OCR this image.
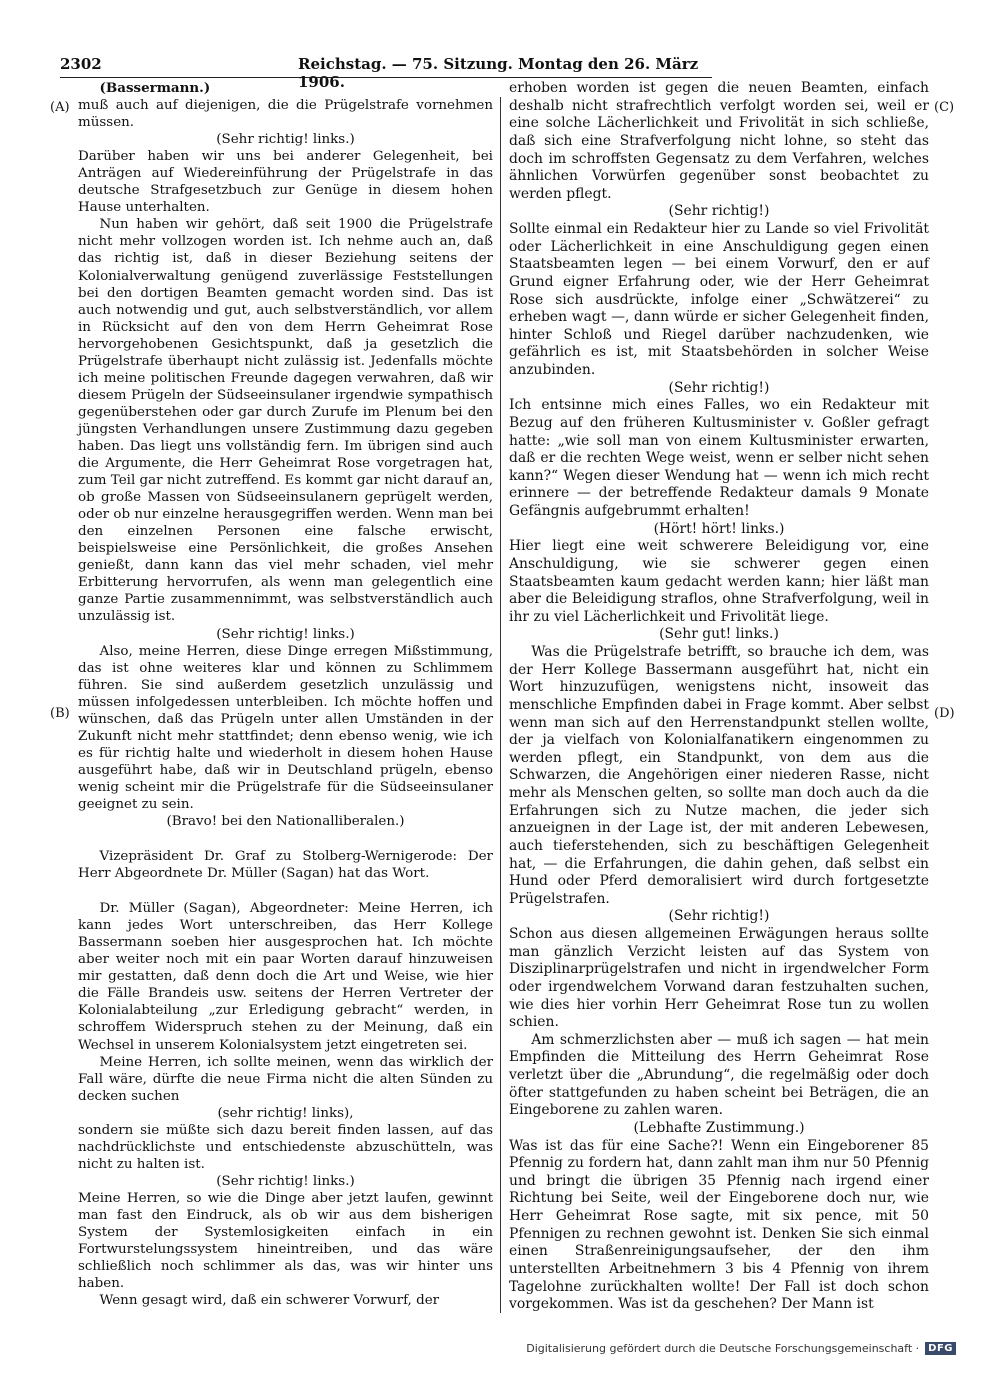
2302	Reichstag. — 75. Sitzung. Montag den 26. März 1906.
(A)
(B)
(C)
(D)

(Bassermann.)

muß auch auf diejenigen, die die Prügelstrafe vornehmen müssen.

(Sehr richtig! links.)

Darüber haben wir uns bei anderer Gelegenheit, bei Anträgen auf Wiedereinführung der Prügelstrafe in das deutsche Strafgesetzbuch zur Genüge in diesem hohen Hause unterhalten.

Nun haben wir gehört, daß seit 1900 die Prügelstrafe nicht mehr vollzogen worden ist. Ich nehme auch an, daß das richtig ist, daß in dieser Beziehung seitens der Kolonialverwaltung genügend zuverlässige Feststellungen bei den dortigen Beamten gemacht worden sind. Das ist auch notwendig und gut, auch selbstverständlich, vor allem in Rücksicht auf den von dem Herrn Geheimrat Rose hervorgehobenen Gesichtspunkt, daß ja gesetzlich die Prügelstrafe überhaupt nicht zulässig ist. Jedenfalls möchte ich meine politischen Freunde dagegen verwahren, daß wir diesem Prügeln der Südseeinsulaner irgendwie sympathisch gegenüberstehen oder gar durch Zurufe im Plenum bei den jüngsten Verhandlungen unsere Zustimmung dazu gegeben haben. Das liegt uns vollständig fern. Im übrigen sind auch die Argumente, die Herr Geheimrat Rose vorgetragen hat, zum Teil gar nicht zutreffend. Es kommt gar nicht darauf an, ob große Massen von Südseeinsulanern geprügelt werden, oder ob nur einzelne herausgegriffen werden. Wenn man bei den einzelnen Personen eine falsche erwischt, beispielsweise eine Persönlichkeit, die großes Ansehen genießt, dann kann das viel mehr schaden, viel mehr Erbitterung hervorrufen, als wenn man gelegentlich eine ganze Partie zusammennimmt, was selbstverständlich auch unzulässig ist.

(Sehr richtig! links.)

Also, meine Herren, diese Dinge erregen Mißstimmung, das ist ohne weiteres klar und können zu Schlimmem führen. Sie sind außerdem gesetzlich unzulässig und müssen infolgedessen unterbleiben. Ich möchte hoffen und wünschen, daß das Prügeln unter allen Umständen in der Zukunft nicht mehr stattfindet; denn ebenso wenig, wie ich es für richtig halte und wiederholt in diesem hohen Hause ausgeführt habe, daß wir in Deutschland prügeln, ebenso wenig scheint mir die Prügelstrafe für die Südseeinsulaner geeignet zu sein.

(Bravo! bei den Nationalliberalen.)

Vizepräsident Dr. Graf zu Stolberg-Wernigerode: Der Herr Abgeordnete Dr. Müller (Sagan) hat das Wort.

Dr. Müller (Sagan), Abgeordneter: Meine Herren, ich kann jedes Wort unterschreiben, das Herr Kollege Bassermann soeben hier ausgesprochen hat. Ich möchte aber weiter noch mit ein paar Worten darauf hinzuweisen mir gestatten, daß denn doch die Art und Weise, wie hier die Fälle Brandeis usw. seitens der Herren Vertreter der Kolonialabteilung „zur Erledigung gebracht“ werden, in schroffem Widerspruch stehen zu der Meinung, daß ein Wechsel in unserem Kolonialsystem jetzt eingetreten sei.

Meine Herren, ich sollte meinen, wenn das wirklich der Fall wäre, dürfte die neue Firma nicht die alten Sünden zu decken suchen

(sehr richtig! links),

sondern sie müßte sich dazu bereit finden lassen, auf das nachdrücklichste und entschiedenste abzuschütteln, was nicht zu halten ist.

(Sehr richtig! links.)

Meine Herren, so wie die Dinge aber jetzt laufen, gewinnt man fast den Eindruck, als ob wir aus dem bisherigen System der Systemlosigkeiten einfach in ein Fortwurstelungssystem hineintreiben, und das wäre schließlich noch schlimmer als das, was wir hinter uns haben.

Wenn gesagt wird, daß ein schwerer Vorwurf, der

erhoben worden ist gegen die neuen Beamten, einfach deshalb nicht strafrechtlich verfolgt worden sei, weil er eine solche Lächerlichkeit und Frivolität in sich schließe, daß sich eine Strafverfolgung nicht lohne, so steht das doch im schroffsten Gegensatz zu dem Verfahren, welches ähnlichen Vorwürfen gegenüber sonst beobachtet zu werden pflegt.

(Sehr richtig!)

Sollte einmal ein Redakteur hier zu Lande so viel Frivolität oder Lächerlichkeit in eine Anschuldigung gegen einen Staatsbeamten legen — bei einem Vorwurf, den er auf Grund eigner Erfahrung oder, wie der Herr Geheimrat Rose sich ausdrückte, infolge einer „Schwätzerei“ zu erheben wagt —, dann würde er sicher Gelegenheit finden, hinter Schloß und Riegel darüber nachzudenken, wie gefährlich es ist, mit Staatsbehörden in solcher Weise anzubinden.

(Sehr richtig!)

Ich entsinne mich eines Falles, wo ein Redakteur mit Bezug auf den früheren Kultusminister v. Goßler gefragt hatte: „wie soll man von einem Kultusminister erwarten, daß er die rechten Wege weist, wenn er selber nicht sehen kann?“ Wegen dieser Wendung hat — wenn ich mich recht erinnere — der betreffende Redakteur damals 9 Monate Gefängnis aufgebrummt erhalten!

(Hört! hört! links.)

Hier liegt eine weit schwerere Beleidigung vor, eine Anschuldigung, wie sie schwerer gegen einen Staatsbeamten kaum gedacht werden kann; hier läßt man aber die Beleidigung straflos, ohne Strafverfolgung, weil in ihr zu viel Lächerlichkeit und Frivolität liege.

(Sehr gut! links.)

Was die Prügelstrafe betrifft, so brauche ich dem, was der Herr Kollege Bassermann ausgeführt hat, nicht ein Wort hinzuzufügen, wenigstens nicht, insoweit das menschliche Empfinden dabei in Frage kommt. Aber selbst wenn man sich auf den Herrenstandpunkt stellen wollte, der ja vielfach von Kolonialfanatikern eingenommen zu werden pflegt, ein Standpunkt, von dem aus die Schwarzen, die Angehörigen einer niederen Rasse, nicht mehr als Menschen gelten, so sollte man doch auch da die Erfahrungen sich zu Nutze machen, die jeder sich anzueignen in der Lage ist, der mit anderen Lebewesen, auch tieferstehenden, sich zu beschäftigen Gelegenheit hat, — die Erfahrungen, die dahin gehen, daß selbst ein Hund oder Pferd demoralisiert wird durch fortgesetzte Prügelstrafen.

(Sehr richtig!)

Schon aus diesen allgemeinen Erwägungen heraus sollte man gänzlich Verzicht leisten auf das System von Disziplinarprügelstrafen und nicht in irgendwelcher Form oder irgendwelchem Vorwand daran festzuhalten suchen, wie dies hier vorhin Herr Geheimrat Rose tun zu wollen schien.

Am schmerzlichsten aber — muß ich sagen — hat mein Empfinden die Mitteilung des Herrn Geheimrat Rose verletzt über die „Abrundung“, die regelmäßig oder doch öfter stattgefunden zu haben scheint bei Beträgen, die an Eingeborene zu zahlen waren.

(Lebhafte Zustimmung.)

Was ist das für eine Sache?! Wenn ein Eingeborener 85 Pfennig zu fordern hat, dann zahlt man ihm nur 50 Pfennig und bringt die übrigen 35 Pfennig nach irgend einer Richtung bei Seite, weil der Eingeborene doch nur, wie Herr Geheimrat Rose sagte, mit six pence, mit 50 Pfennigen zu rechnen gewohnt ist. Denken Sie sich einmal einen Straßenreinigungsaufseher, der den ihm unterstellten Arbeitnehmern 3 bis 4 Pfennig von ihrem Tagelohne zurückhalten wollte! Der Fall ist doch schon vorgekommen. Was ist da geschehen? Der Mann ist

Digitalisierung gefördert durch die Deutsche Forschungsgemeinschaft · DFG
